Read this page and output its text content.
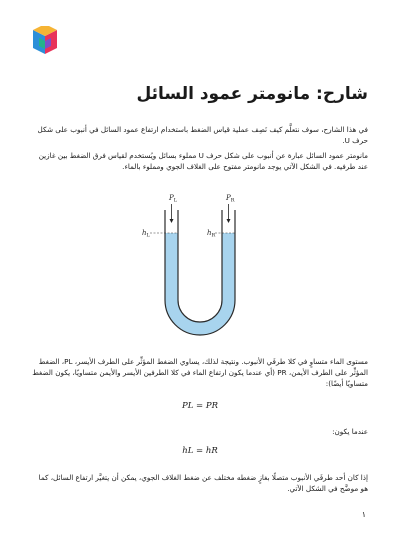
شارح: مانومتر عمود السائل

في هذا الشارح، سوف نتعلَّم كيف نَصِف عملية قياس الضغط باستخدام ارتفاع عمود السائل في أنبوب على شكل حرف U.

مانومتر عمود السائل عبارة عن أنبوب على شكل حرف U مملوء بسائل ويُستخدم لقياس فرق الضغط بين غازين عند طرفيه. في الشكل الآتي يوجد مانومتر مفتوح على الغلاف الجوي ومملوء بالماء.

$P_L$	$P_R$
$h_L$	$h_R$

مستوى الماء متساوٍ في كلا طرفَي الأنبوب. ونتيجة لذلك، يساوي الضغط المؤثِّر على الطرف الأيسر، PL، الضغط المؤثِّر على الطرف الأيمن، PR (أي عندما يكون ارتفاع الماء في كلا الطرفين الأيسر والأيمن متساويًا، يكون الضغط متساويًا أيضًا):

PL = PR

عندما يكون:

hL = hR

إذا كان أحد طرفَي الأنبوب متصلًا بغازٍ ضغطه مختلف عن ضغط الغلاف الجوي، يمكن أن يتغيَّر ارتفاع السائل، كما هو موضَّح في الشكل الآتي.

١
